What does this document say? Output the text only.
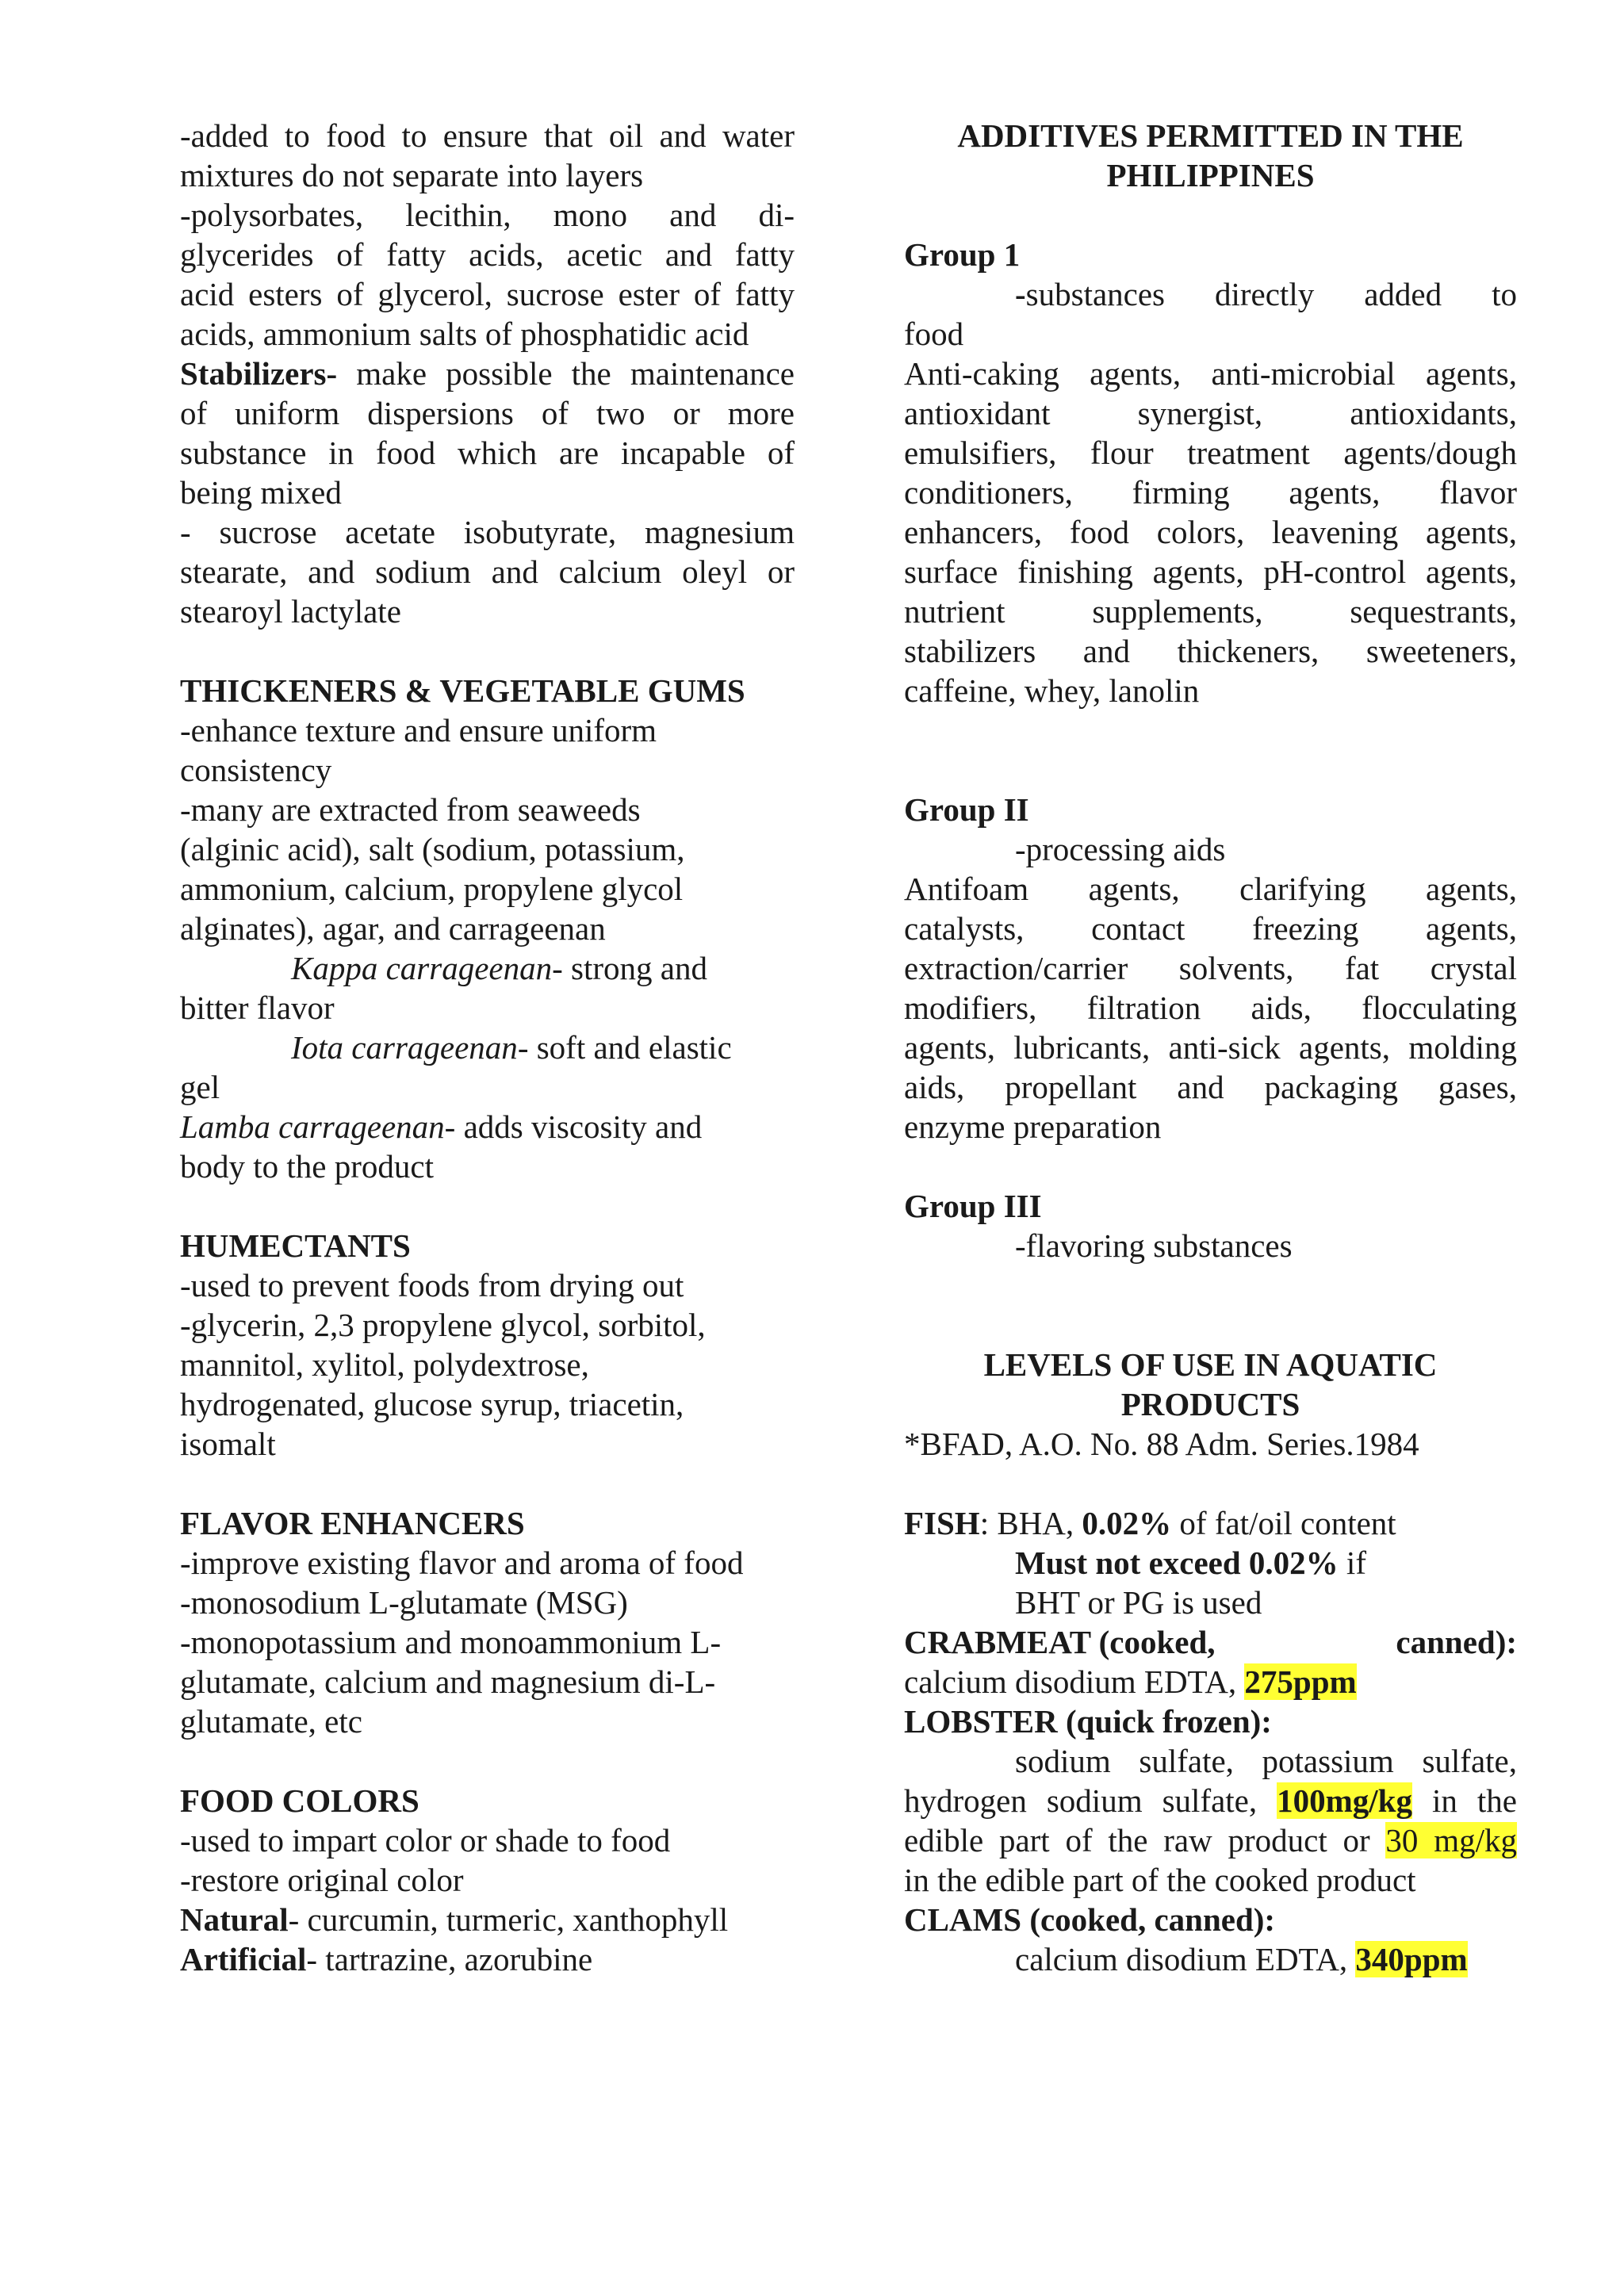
-added to food to ensure that oil and water

mixtures do not separate into layers

-polysorbates, lecithin, mono and di-

glycerides of fatty acids, acetic and fatty

acid esters of glycerol, sucrose ester of fatty

acids, ammonium salts of phosphatidic acid

Stabilizers- make possible the maintenance

of uniform dispersions of two or more

substance in food which are incapable of

being mixed

- sucrose acetate isobutyrate, magnesium

stearate, and sodium and calcium oleyl or

stearoyl lactylate

THICKENERS & VEGETABLE GUMS

-enhance texture and ensure uniform

consistency

-many are extracted from seaweeds

(alginic acid), salt (sodium, potassium,

ammonium, calcium, propylene glycol

alginates), agar, and carrageenan

Kappa carrageenan- strong and

bitter flavor

Iota carrageenan- soft and elastic

gel

Lamba carrageenan- adds viscosity and

body to the product

HUMECTANTS

-used to prevent foods from drying out

-glycerin, 2,3 propylene glycol, sorbitol,

mannitol, xylitol, polydextrose,

hydrogenated, glucose syrup, triacetin,

isomalt

FLAVOR ENHANCERS

-improve existing flavor and aroma of food

-monosodium L-glutamate (MSG)

-monopotassium and monoammonium L-

glutamate, calcium and magnesium di-L-

glutamate, etc

FOOD COLORS

-used to impart color or shade to food

-restore original color

Natural- curcumin, turmeric, xanthophyll

Artificial- tartrazine, azorubine

ADDITIVES PERMITTED IN THE

PHILIPPINES

Group 1

-substances directly added to

food

Anti-caking agents, anti-microbial agents,

antioxidant synergist, antioxidants,

emulsifiers, flour treatment agents/dough

conditioners, firming agents, flavor

enhancers, food colors, leavening agents,

surface finishing agents, pH-control agents,

nutrient supplements, sequestrants,

stabilizers and thickeners, sweeteners,

caffeine, whey, lanolin

Group II

-processing aids

Antifoam agents, clarifying agents,

catalysts, contact freezing agents,

extraction/carrier solvents, fat crystal

modifiers, filtration aids, flocculating

agents, lubricants, anti-sick agents, molding

aids, propellant and packaging gases,

enzyme preparation

Group III

-flavoring substances

LEVELS OF USE IN AQUATIC

PRODUCTS

*BFAD, A.O. No. 88 Adm. Series.1984

FISH: BHA, 0.02% of fat/oil content

Must not exceed 0.02% if

BHT or PG is used

CRABMEAT (cooked,	canned):

calcium disodium EDTA, 275ppm

LOBSTER (quick frozen):

sodium sulfate, potassium sulfate,

hydrogen sodium sulfate, 100mg/kg in the

edible part of the raw product or 30 mg/kg

in the edible part of the cooked product

CLAMS (cooked, canned):

calcium disodium EDTA, 340ppm
